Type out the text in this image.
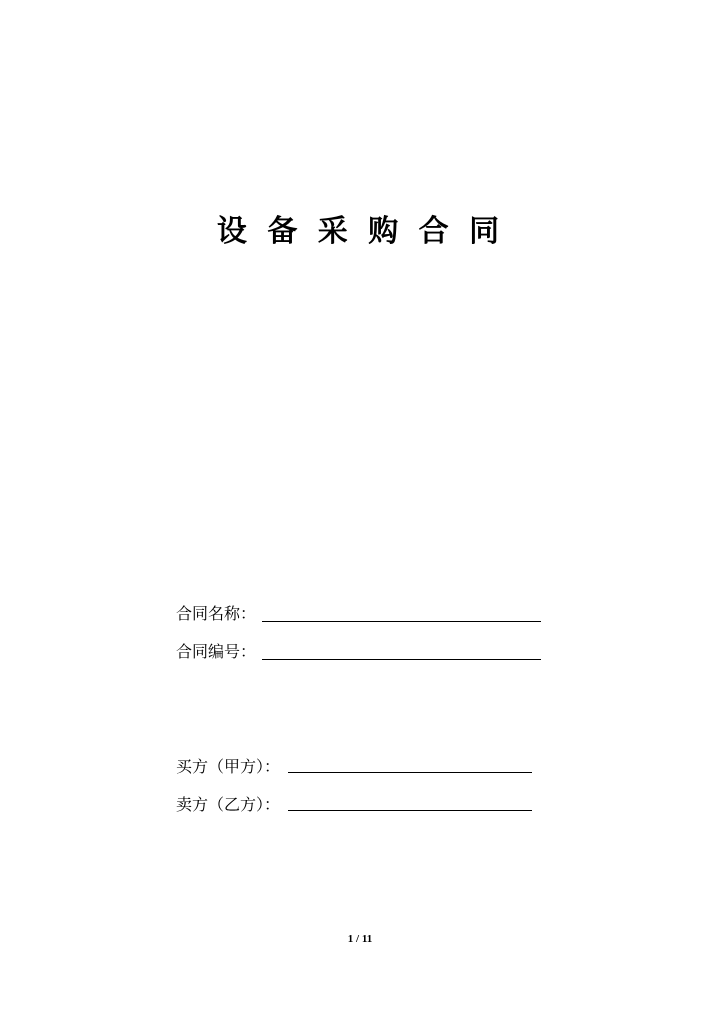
设 备 采 购 合 同
合同名称：
合同编号：
买方（甲方）：
卖方（乙方）：
1 / 11
